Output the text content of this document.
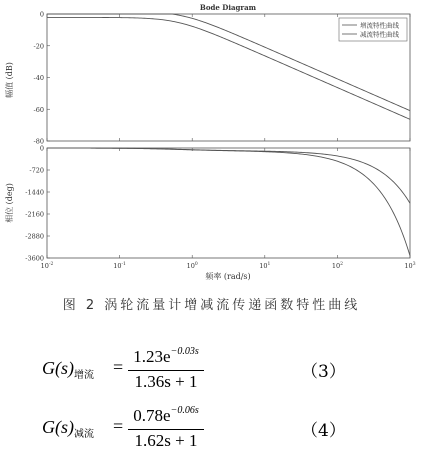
Bode Diagram
0
-20
-40
-60
-80
0
-720
-1440
-2160
-2880
-3600
$10^{-2}$	$10^{-1}$	$10^0$	$10^1$	$10^2$	$10^3$
幅值 (dB)
相位 (deg)
频率 (rad/s)
增流特性曲线
减流特性曲线
图 2 涡轮流量计增减流传递函数特性曲线
$G(s)_{增流}$ =
$1.23e^{-0.03s}$
1.36s + 1	（3）
$G(s)_{减流}$ =
$0.78e^{-0.06s}$
1.62s + 1	（4）
